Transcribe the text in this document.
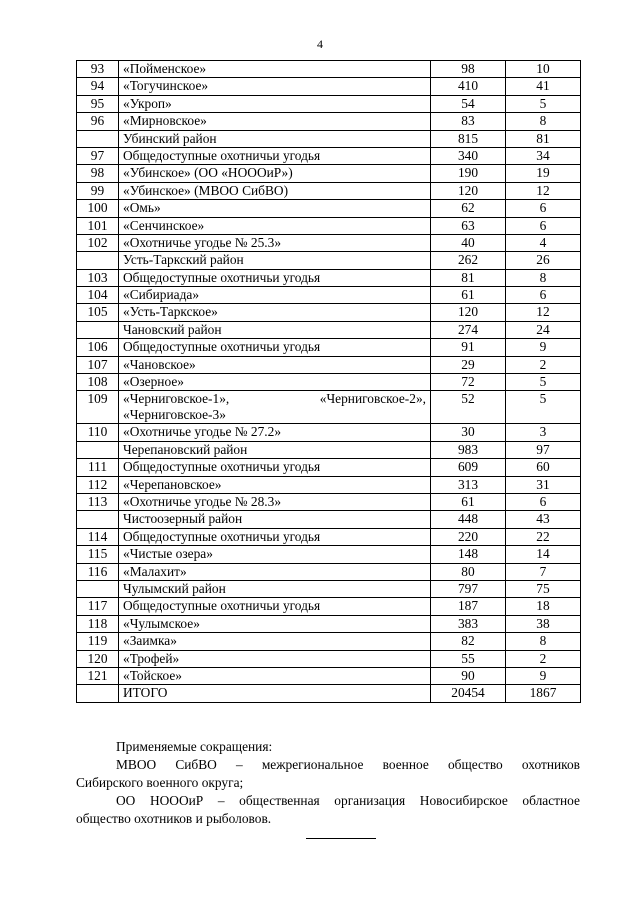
4
93	«Пойменское»	98	10
94	«Тогучинское»	410	41
95	«Укроп»	54	5
96	«Мирновское»	83	8
	Убинский район	815	81
97	Общедоступные охотничьи угодья	340	34
98	«Убинское» (ОО «НОООиР»)	190	19
99	«Убинское» (МВОО СибВО)	120	12
100	«Омь»	62	6
101	«Сенчинское»	63	6
102	«Охотничье угодье № 25.3»	40	4
	Усть-Таркский район	262	26
103	Общедоступные охотничьи угодья	81	8
104	«Сибириада»	61	6
105	«Усть-Таркское»	120	12
	Чановский район	274	24
106	Общедоступные охотничьи угодья	91	9
107	«Чановское»	29	2
108	«Озерное»	72	5
109	«Черниговское-1», «Черниговское-2»,
«Черниговское-3»	52	5
110	«Охотничье угодье № 27.2»	30	3
	Черепановский район	983	97
111	Общедоступные охотничьи угодья	609	60
112	«Черепановское»	313	31
113	«Охотничье угодье № 28.3»	61	6
	Чистоозерный район	448	43
114	Общедоступные охотничьи угодья	220	22
115	«Чистые озера»	148	14
116	«Малахит»	80	7
	Чулымский район	797	75
117	Общедоступные охотничьи угодья	187	18
118	«Чулымское»	383	38
119	«Заимка»	82	8
120	«Трофей»	55	2
121	«Тойское»	90	9
	ИТОГО	20454	1867

Применяемые сокращения:

МВОО СибВО – межрегиональное военное общество охотников

Сибирского военного округа;

ОО НОООиР – общественная организация Новосибирское областное

общество охотников и рыболовов.
